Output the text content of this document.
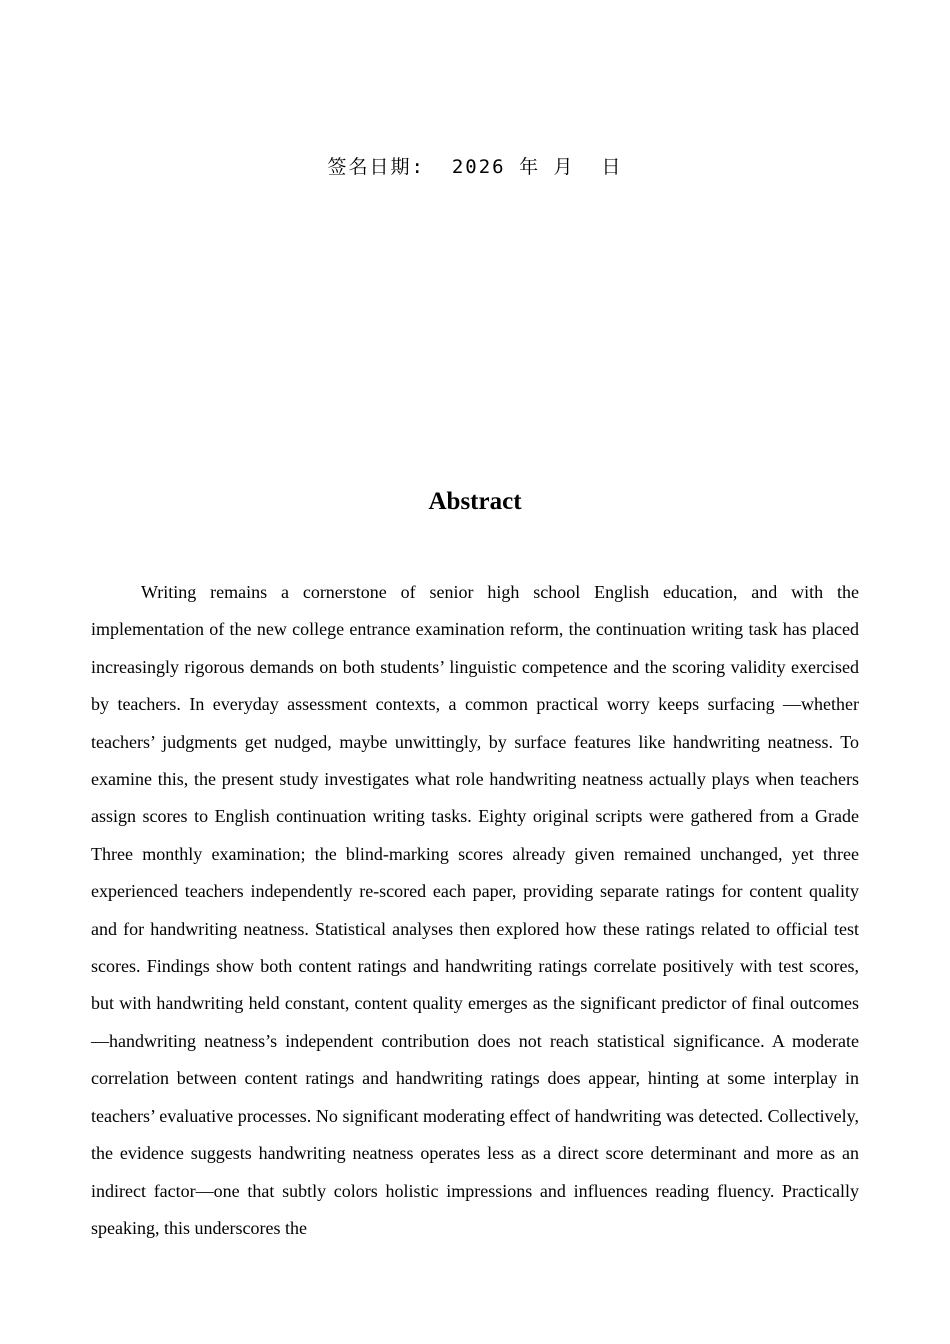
签名日期: 2026 年 月 日
Abstract

Writing remains a cornerstone of senior high school English education, and with the implementation of the new college entrance examination reform, the continuation writing task has placed increasingly rigorous demands on both students’ linguistic competence and the scoring validity exercised by teachers. In everyday assessment contexts, a common practical worry keeps surfacing —whether teachers’ judgments get nudged, maybe unwittingly, by surface features like handwriting neatness. To examine this, the present study investigates what role handwriting neatness actually plays when teachers assign scores to English continuation writing tasks. Eighty original scripts were gathered from a Grade Three monthly examination; the blind-marking scores already given remained unchanged, yet three experienced teachers independently re-scored each paper, providing separate ratings for content quality and for handwriting neatness. Statistical analyses then explored how these ratings related to official test scores. Findings show both content ratings and handwriting ratings correlate positively with test scores, but with handwriting held constant, content quality emerges as the significant predictor of final outcomes—handwriting neatness’s independent contribution does not reach statistical significance. A moderate correlation between content ratings and handwriting ratings does appear, hinting at some interplay in teachers’ evaluative processes. No significant moderating effect of handwriting was detected. Collectively, the evidence suggests handwriting neatness operates less as a direct score determinant and more as an indirect factor—one that subtly colors holistic impressions and influences reading fluency. Practically speaking, this underscores the
